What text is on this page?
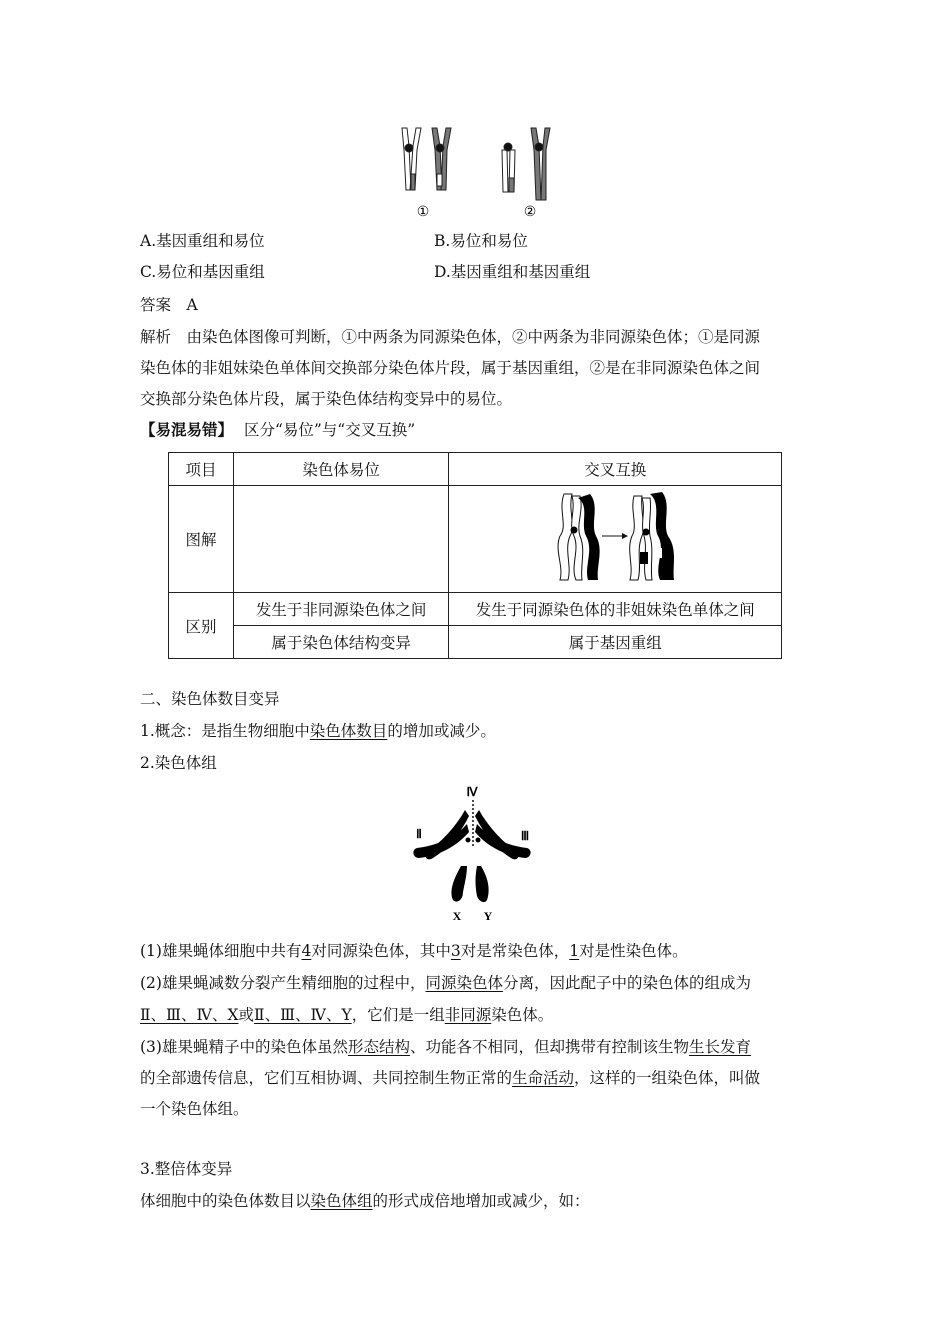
①	②
A.基因重组和易位	B.易位和易位
C.易位和基因重组	D.基因重组和基因重组
答案　A
解析　由染色体图像可判断，①中两条为同源染色体，②中两条为非同源染色体；①是同源
染色体的非姐妹染色单体间交换部分染色体片段，属于基因重组，②是在非同源染色体之间
交换部分染色体片段，属于染色体结构变异中的易位。
【易混易错】 区分“易位”与“交叉互换”
项目	染色体易位	交叉互换
图解		
区别	发生于非同源染色体之间	发生于同源染色体的非姐妹染色单体之间
	属于染色体结构变异	属于基因重组
二、染色体数目变异
1.概念：是指生物细胞中染色体数目的增加或减少。
2.染色体组
Ⅳ
Ⅱ	Ⅲ
X Y
(1)雄果蝇体细胞中共有4对同源染色体，其中3对是常染色体，1对是性染色体。
(2)雄果蝇减数分裂产生精细胞的过程中，同源染色体分离，因此配子中的染色体的组成为
Ⅱ、Ⅲ、Ⅳ、X或Ⅱ、Ⅲ、Ⅳ、Y，它们是一组非同源染色体。
(3)雄果蝇精子中的染色体虽然形态结构、功能各不相同，但却携带有控制该生物生长发育
的全部遗传信息，它们互相协调、共同控制生物正常的生命活动，这样的一组染色体，叫做
一个染色体组。
3.整倍体变异
体细胞中的染色体数目以染色体组的形式成倍地增加或减少，如：
